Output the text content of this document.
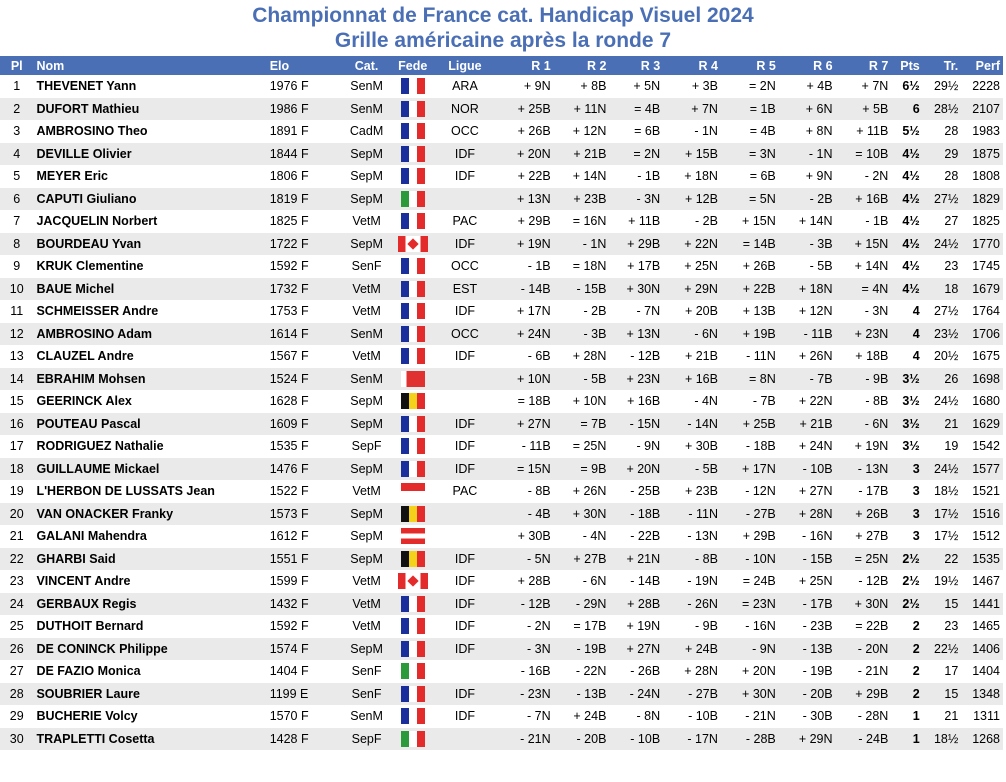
Championnat de France cat. Handicap Visuel 2024
Grille américaine après la ronde 7
Pl	Nom	Elo	Cat.	Fede	Ligue	R 1	R 2	R 3	R 4	R 5	R 6	R 7	Pts	Tr.	Perf
1	THEVENET Yann	1976 F	SenM		ARA	+ 9N	+ 8B	+ 5N	+ 3B	= 2N	+ 4B	+ 7N	6½	29½	2228
2	DUFORT Mathieu	1986 F	SenM		NOR	+ 25B	+ 11N	= 4B	+ 7N	= 1B	+ 6N	+ 5B	6	28½	2107
3	AMBROSINO Theo	1891 F	CadM		OCC	+ 26B	+ 12N	= 6B	- 1N	= 4B	+ 8N	+ 11B	5½	28	1983
4	DEVILLE Olivier	1844 F	SepM		IDF	+ 20N	+ 21B	= 2N	+ 15B	= 3N	- 1N	= 10B	4½	29	1875
5	MEYER Eric	1806 F	SepM		IDF	+ 22B	+ 14N	- 1B	+ 18N	= 6B	+ 9N	- 2N	4½	28	1808
6	CAPUTI Giuliano	1819 F	SepM			+ 13N	+ 23B	- 3N	+ 12B	= 5N	- 2B	+ 16B	4½	27½	1829
7	JACQUELIN Norbert	1825 F	VetM		PAC	+ 29B	= 16N	+ 11B	- 2B	+ 15N	+ 14N	- 1B	4½	27	1825
8	BOURDEAU Yvan	1722 F	SepM		IDF	+ 19N	- 1N	+ 29B	+ 22N	= 14B	- 3B	+ 15N	4½	24½	1770
9	KRUK Clementine	1592 F	SenF		OCC	- 1B	= 18N	+ 17B	+ 25N	+ 26B	- 5B	+ 14N	4½	23	1745
10	BAUE Michel	1732 F	VetM		EST	- 14B	- 15B	+ 30N	+ 29N	+ 22B	+ 18N	= 4N	4½	18	1679
11	SCHMEISSER Andre	1753 F	VetM		IDF	+ 17N	- 2B	- 7N	+ 20B	+ 13B	+ 12N	- 3N	4	27½	1764
12	AMBROSINO Adam	1614 F	SenM		OCC	+ 24N	- 3B	+ 13N	- 6N	+ 19B	- 11B	+ 23N	4	23½	1706
13	CLAUZEL Andre	1567 F	VetM		IDF	- 6B	+ 28N	- 12B	+ 21B	- 11N	+ 26N	+ 18B	4	20½	1675
14	EBRAHIM Mohsen	1524 F	SenM			+ 10N	- 5B	+ 23N	+ 16B	= 8N	- 7B	- 9B	3½	26	1698
15	GEERINCK Alex	1628 F	SepM			= 18B	+ 10N	+ 16B	- 4N	- 7B	+ 22N	- 8B	3½	24½	1680
16	POUTEAU Pascal	1609 F	SepM		IDF	+ 27N	= 7B	- 15N	- 14N	+ 25B	+ 21B	- 6N	3½	21	1629
17	RODRIGUEZ Nathalie	1535 F	SepF		IDF	- 11B	= 25N	- 9N	+ 30B	- 18B	+ 24N	+ 19N	3½	19	1542
18	GUILLAUME Mickael	1476 F	SepM		IDF	= 15N	= 9B	+ 20N	- 5B	+ 17N	- 10B	- 13N	3	24½	1577
19	L'HERBON DE LUSSATS Jean	1522 F	VetM		PAC	- 8B	+ 26N	- 25B	+ 23B	- 12N	+ 27N	- 17B	3	18½	1521
20	VAN ONACKER Franky	1573 F	SepM			- 4B	+ 30N	- 18B	- 11N	- 27B	+ 28N	+ 26B	3	17½	1516
21	GALANI Mahendra	1612 F	SepM			+ 30B	- 4N	- 22B	- 13N	+ 29B	- 16N	+ 27B	3	17½	1512
22	GHARBI Said	1551 F	SepM		IDF	- 5N	+ 27B	+ 21N	- 8B	- 10N	- 15B	= 25N	2½	22	1535
23	VINCENT Andre	1599 F	VetM		IDF	+ 28B	- 6N	- 14B	- 19N	= 24B	+ 25N	- 12B	2½	19½	1467
24	GERBAUX Regis	1432 F	VetM		IDF	- 12B	- 29N	+ 28B	- 26N	= 23N	- 17B	+ 30N	2½	15	1441
25	DUTHOIT Bernard	1592 F	VetM		IDF	- 2N	= 17B	+ 19N	- 9B	- 16N	- 23B	= 22B	2	23	1465
26	DE CONINCK Philippe	1574 F	SepM		IDF	- 3N	- 19B	+ 27N	+ 24B	- 9N	- 13B	- 20N	2	22½	1406
27	DE FAZIO Monica	1404 F	SenF			- 16B	- 22N	- 26B	+ 28N	+ 20N	- 19B	- 21N	2	17	1404
28	SOUBRIER Laure	1199 E	SenF		IDF	- 23N	- 13B	- 24N	- 27B	+ 30N	- 20B	+ 29B	2	15	1348
29	BUCHERIE Volcy	1570 F	SenM		IDF	- 7N	+ 24B	- 8N	- 10B	- 21N	- 30B	- 28N	1	21	1311
30	TRAPLETTI Cosetta	1428 F	SepF			- 21N	- 20B	- 10B	- 17N	- 28B	+ 29N	- 24B	1	18½	1268
